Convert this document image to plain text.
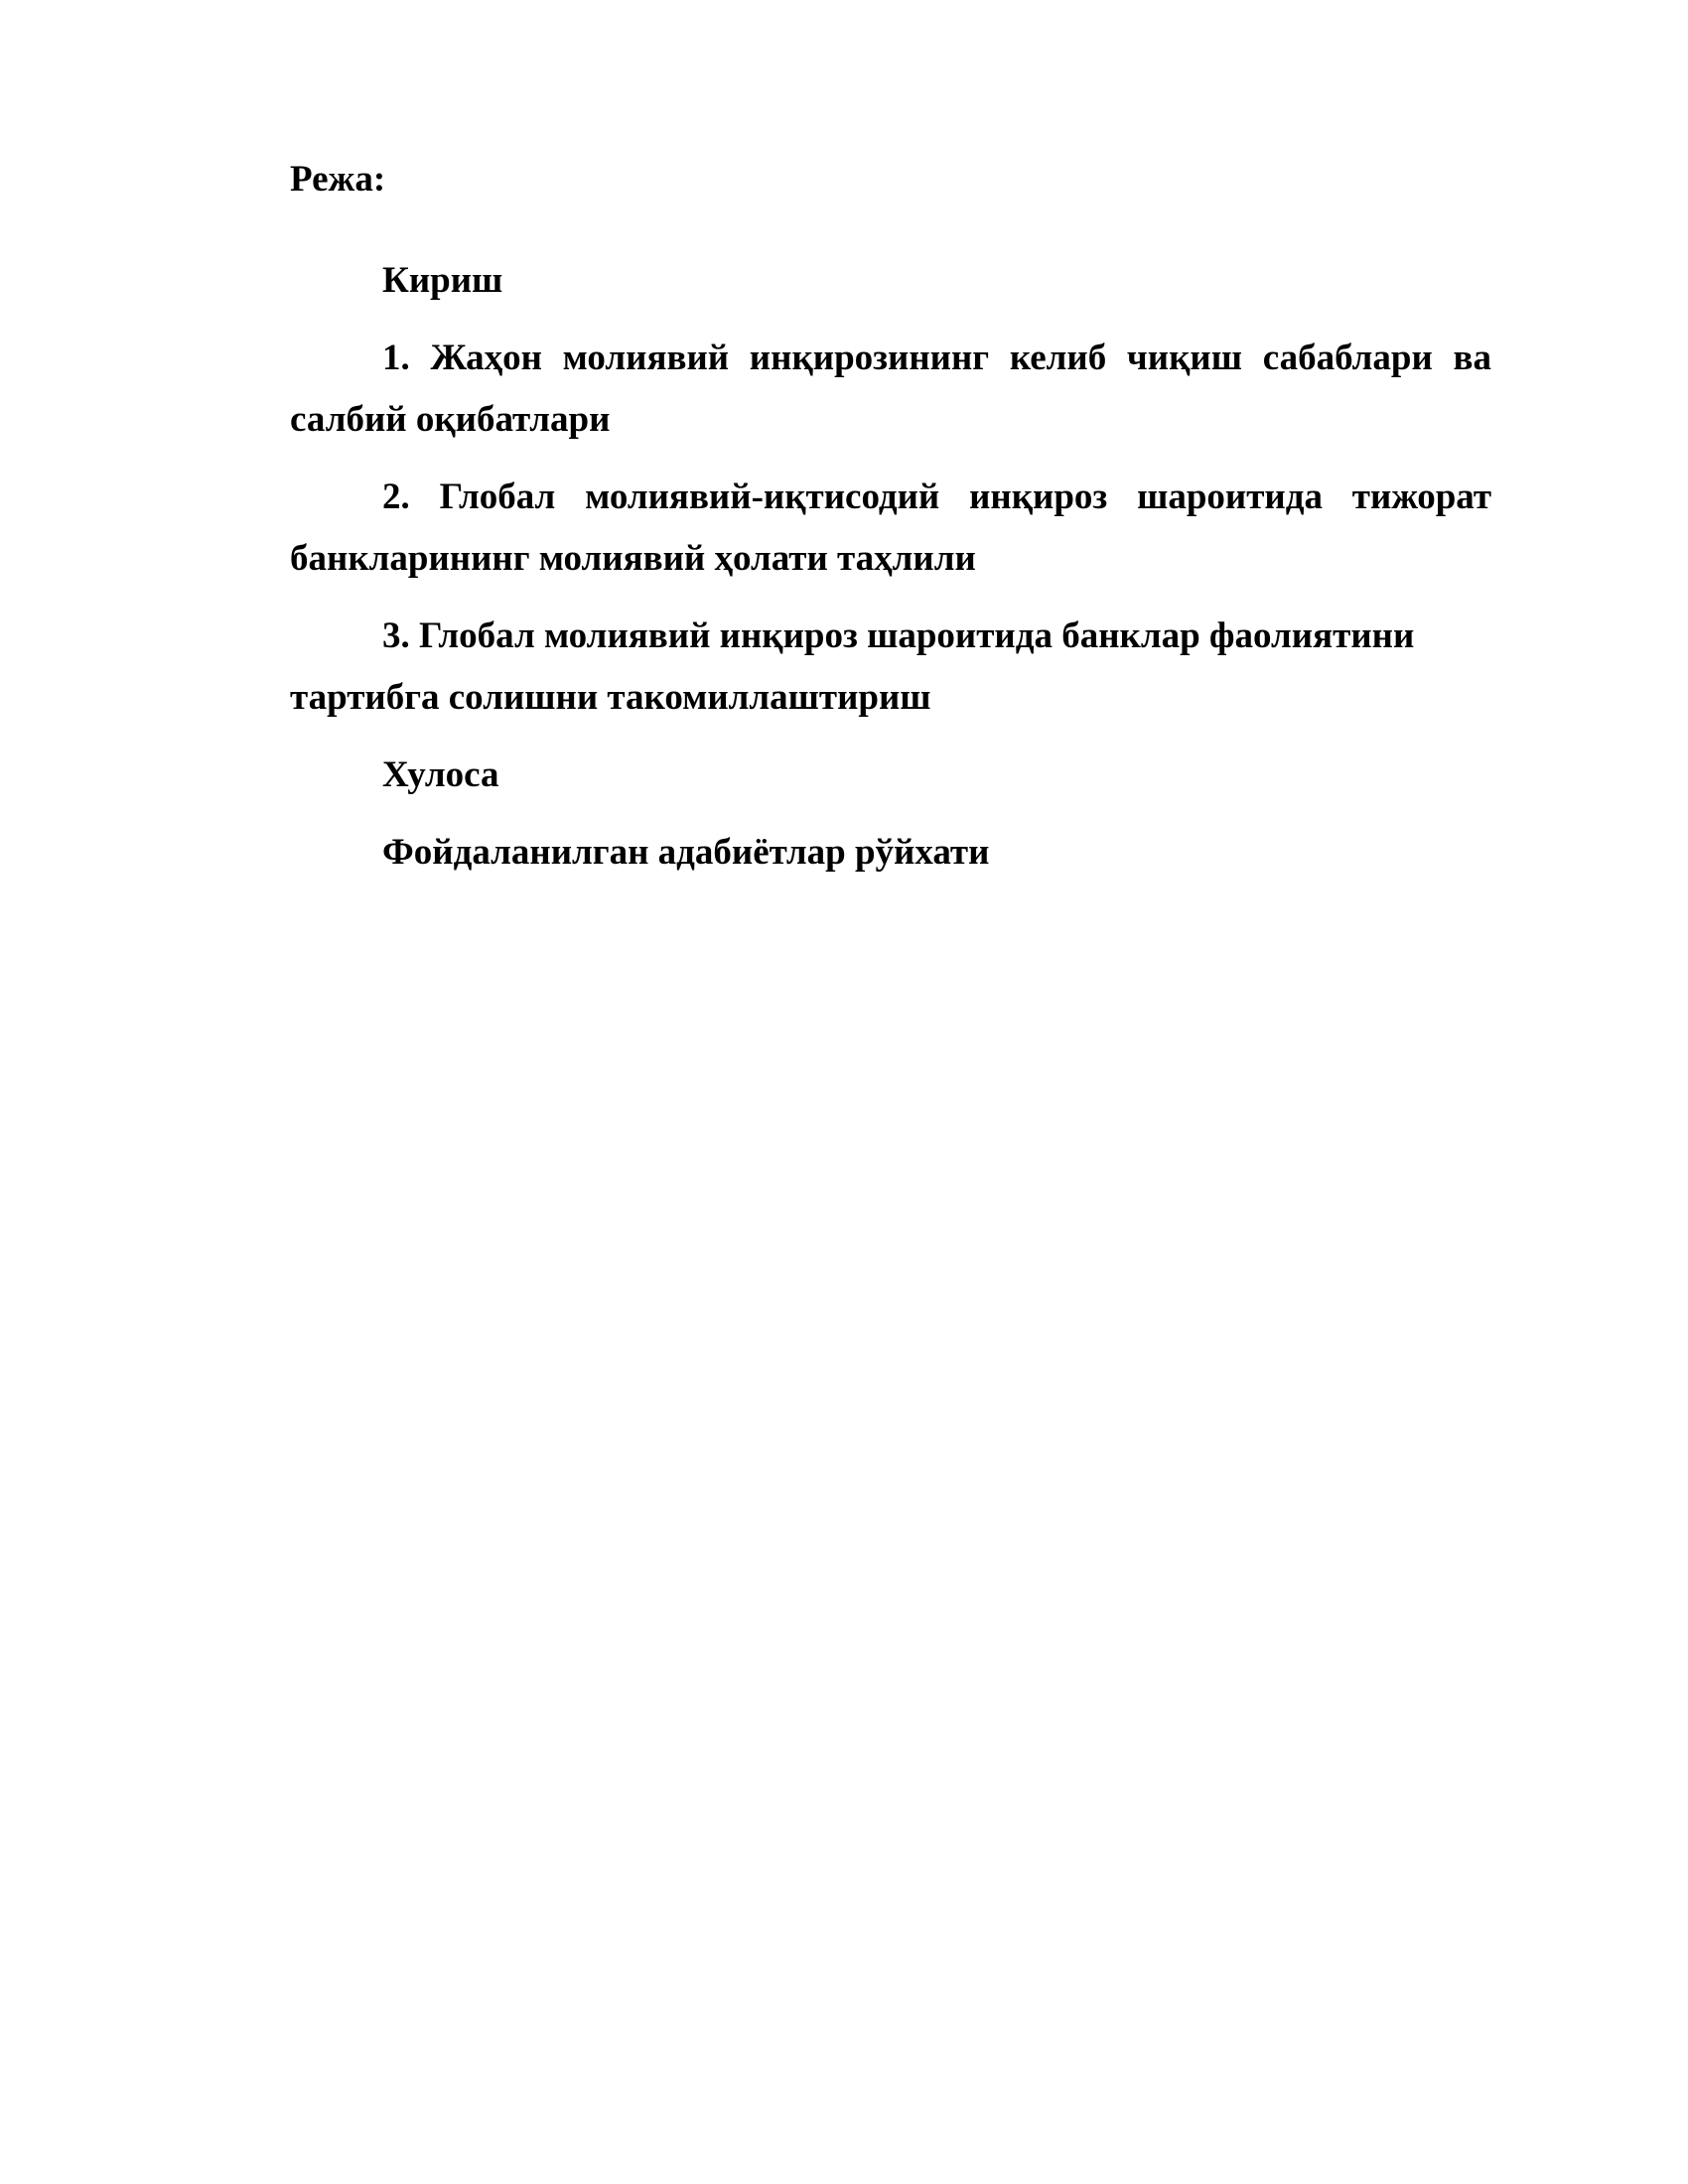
Режа:

Кириш

1. Жаҳон молиявий инқирозининг келиб чиқиш сабаблари ва салбий оқибатлари

2. Глобал молиявий-иқтисодий инқироз шароитида тижорат банкларининг молиявий ҳолати таҳлили

3. Глобал молиявий инқироз шароитида банклар фаолиятини тартибга солишни такомиллаштириш

Хулоса

Фойдаланилган адабиётлар рўйхати
